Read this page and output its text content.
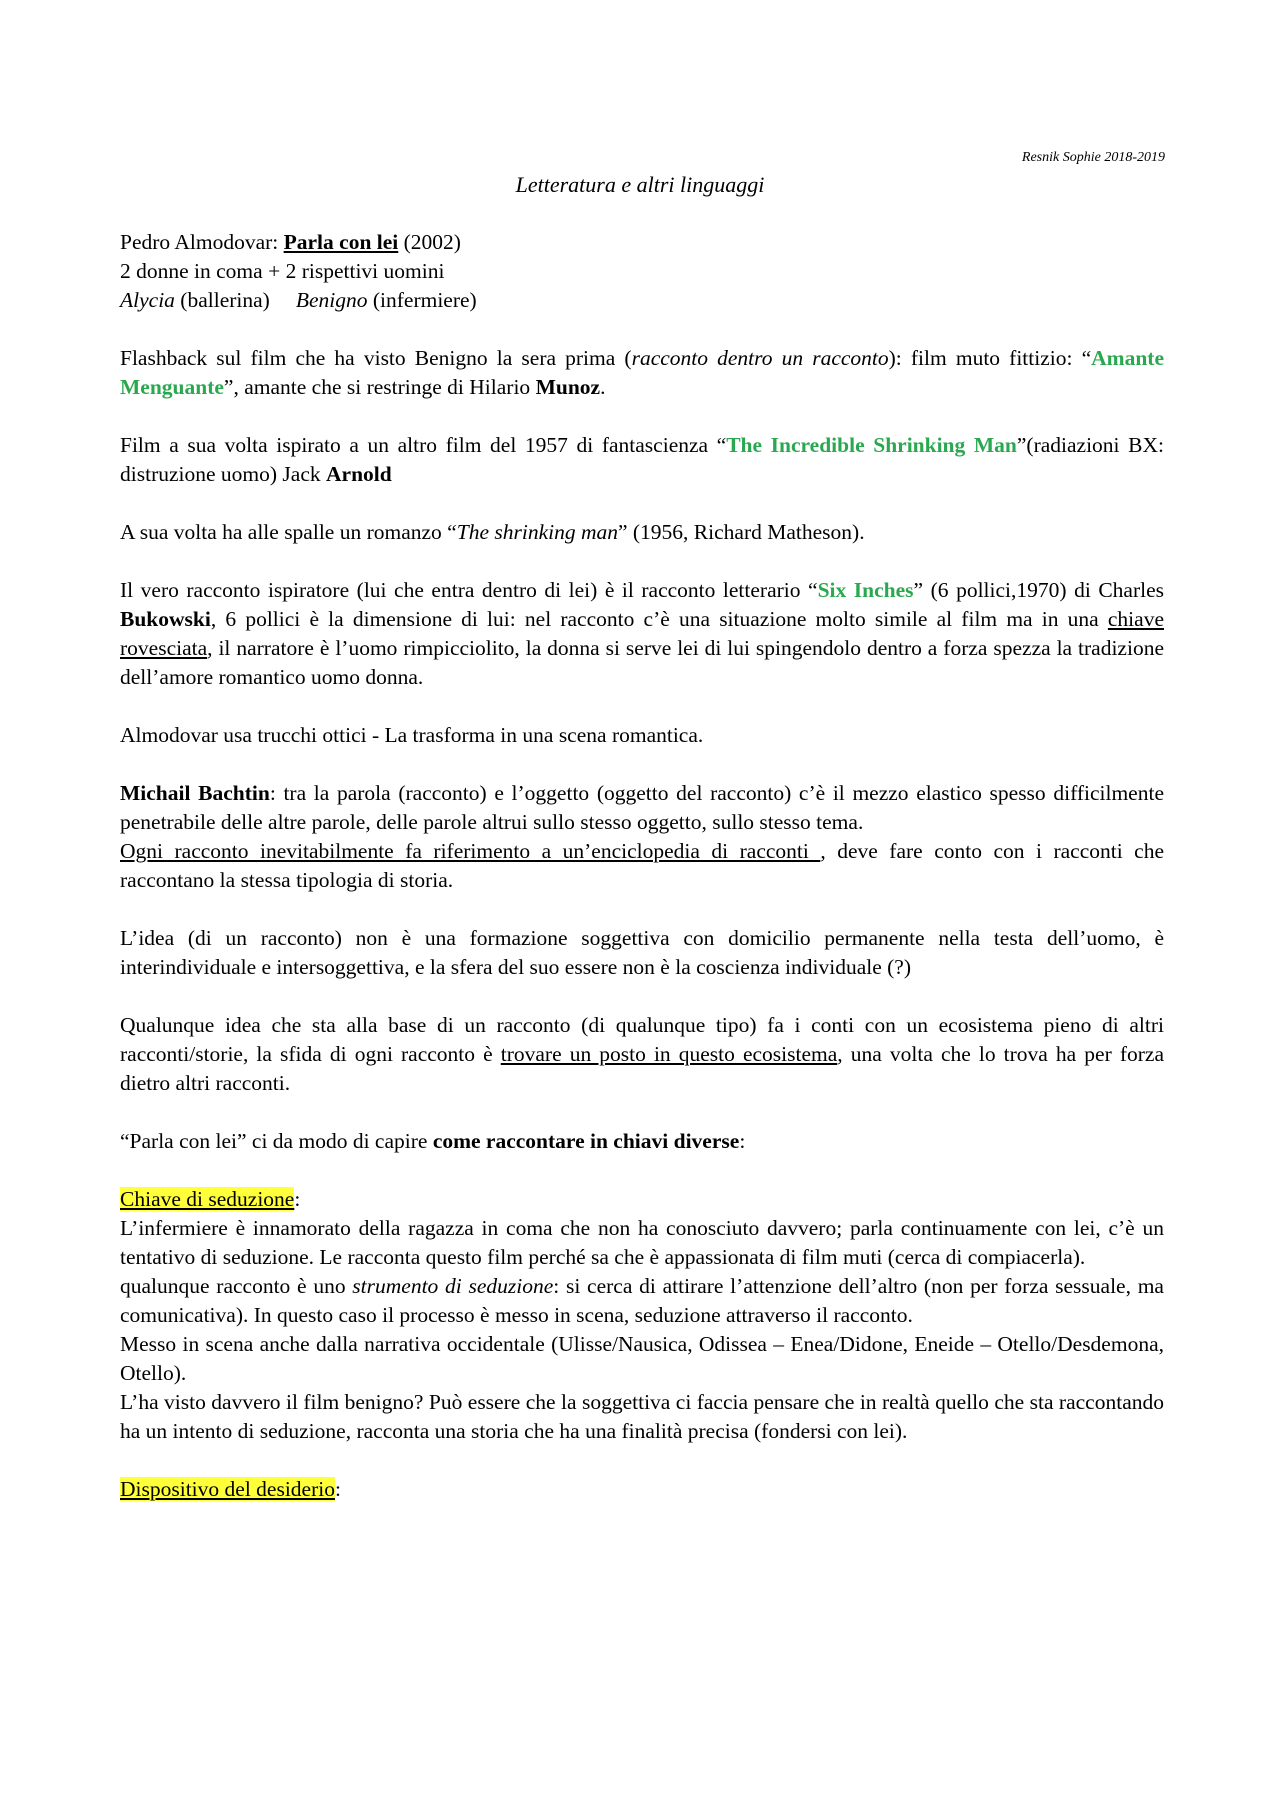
Resnik Sophie 2018-2019
Letteratura e altri linguaggi

Pedro Almodovar: Parla con lei (2002)

2 donne in coma + 2 rispettivi uomini

Alycia (ballerina) Benigno (infermiere)

Flashback sul film che ha visto Benigno la sera prima (racconto dentro un racconto): film muto fittizio: “Amante Menguante”, amante che si restringe di Hilario Munoz.

Film a sua volta ispirato a un altro film del 1957 di fantascienza “The Incredible Shrinking Man”(radiazioni BX: distruzione uomo) Jack Arnold

A sua volta ha alle spalle un romanzo “The shrinking man” (1956, Richard Matheson).

Il vero racconto ispiratore (lui che entra dentro di lei) è il racconto letterario “Six Inches” (6 pollici,1970) di Charles Bukowski, 6 pollici è la dimensione di lui: nel racconto c’è una situazione molto simile al film ma in una chiave rovesciata, il narratore è l’uomo rimpicciolito, la donna si serve lei di lui spingendolo dentro a forza spezza la tradizione dell’amore romantico uomo donna.

Almodovar usa trucchi ottici - La trasforma in una scena romantica.

Michail Bachtin: tra la parola (racconto) e l’oggetto (oggetto del racconto) c’è il mezzo elastico spesso difficilmente penetrabile delle altre parole, delle parole altrui sullo stesso oggetto, sullo stesso tema.
Ogni racconto inevitabilmente fa riferimento a un’enciclopedia di racconti , deve fare conto con i racconti che raccontano la stessa tipologia di storia.

L’idea (di un racconto) non è una formazione soggettiva con domicilio permanente nella testa dell’uomo, è interindividuale e intersoggettiva, e la sfera del suo essere non è la coscienza individuale (?)

Qualunque idea che sta alla base di un racconto (di qualunque tipo) fa i conti con un ecosistema pieno di altri racconti/storie, la sfida di ogni racconto è trovare un posto in questo ecosistema, una volta che lo trova ha per forza dietro altri racconti.

“Parla con lei” ci da modo di capire come raccontare in chiavi diverse:

Chiave di seduzione:

L’infermiere è innamorato della ragazza in coma che non ha conosciuto davvero; parla continuamente con lei, c’è un tentativo di seduzione. Le racconta questo film perché sa che è appassionata di film muti (cerca di compiacerla).

qualunque racconto è uno strumento di seduzione: si cerca di attirare l’attenzione dell’altro (non per forza sessuale, ma comunicativa). In questo caso il processo è messo in scena, seduzione attraverso il racconto.

Messo in scena anche dalla narrativa occidentale (Ulisse/Nausica, Odissea – Enea/Didone, Eneide – Otello/Desdemona, Otello).

L’ha visto davvero il film benigno? Può essere che la soggettiva ci faccia pensare che in realtà quello che sta raccontando ha un intento di seduzione, racconta una storia che ha una finalità precisa (fondersi con lei).

Dispositivo del desiderio:
